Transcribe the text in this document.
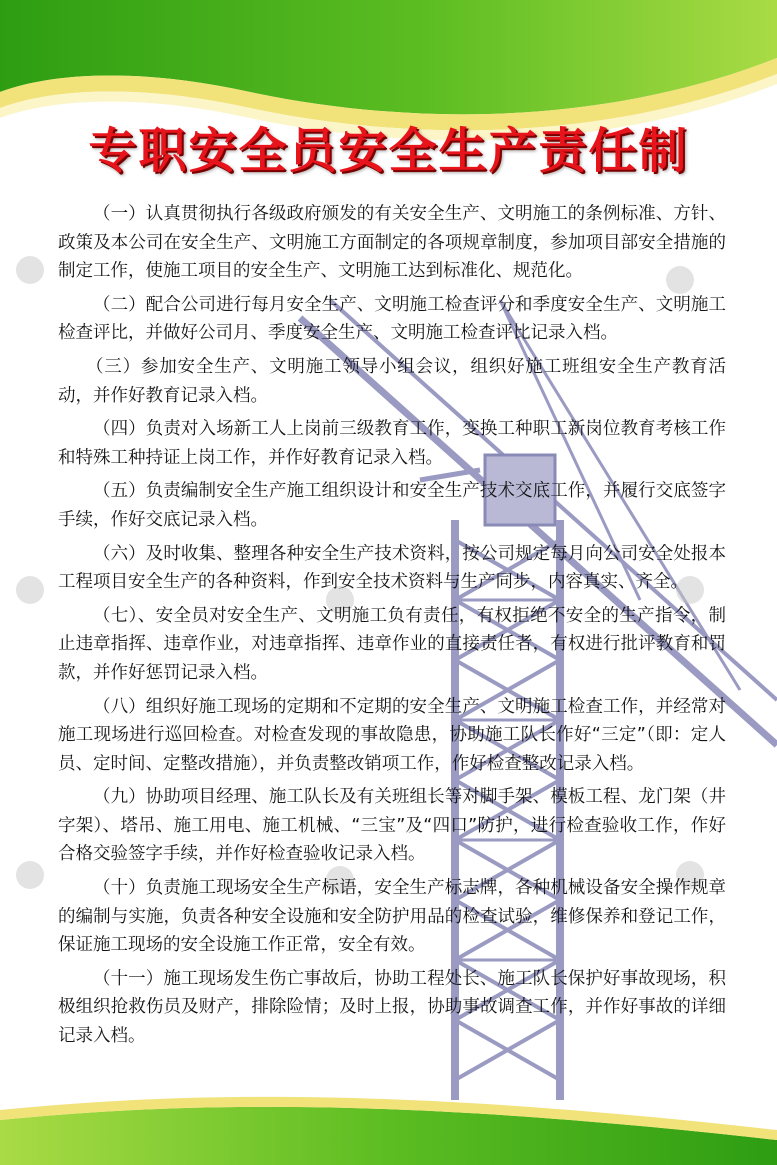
专职安全员安全生产责任制

（一）认真贯彻执行各级政府颁发的有关安全生产、文明施工的条例标准、方针、政策及本公司在安全生产、文明施工方面制定的各项规章制度，参加项目部安全措施的制定工作，使施工项目的安全生产、文明施工达到标准化、规范化。

（二）配合公司进行每月安全生产、文明施工检查评分和季度安全生产、文明施工检查评比，并做好公司月、季度安全生产、文明施工检查评比记录入档。

（三）参加安全生产、文明施工领导小组会议，组织好施工班组安全生产教育活动，并作好教育记录入档。

（四）负责对入场新工人上岗前三级教育工作，变换工种职工新岗位教育考核工作和特殊工种持证上岗工作，并作好教育记录入档。

（五）负责编制安全生产施工组织设计和安全生产技术交底工作，并履行交底签字手续，作好交底记录入档。

（六）及时收集、整理各种安全生产技术资料，按公司规定每月向公司安全处报本工程项目安全生产的各种资料，作到安全技术资料与生产同步，内容真实、齐全。

（七）、安全员对安全生产、文明施工负有责任，有权拒绝不安全的生产指令，制止违章指挥、违章作业，对违章指挥、违章作业的直接责任者，有权进行批评教育和罚款，并作好惩罚记录入档。

（八）组织好施工现场的定期和不定期的安全生产、文明施工检查工作，并经常对施工现场进行巡回检查。对检查发现的事故隐患，协助施工队长作好“三定”（即：定人员、定时间、定整改措施），并负责整改销项工作，作好检查整改记录入档。

（九）协助项目经理、施工队长及有关班组长等对脚手架、模板工程、龙门架（井字架）、塔吊、施工用电、施工机械、“三宝”及“四口”防护，进行检查验收工作，作好合格交验签字手续，并作好检查验收记录入档。

（十）负责施工现场安全生产标语，安全生产标志牌，各种机械设备安全操作规章的编制与实施，负责各种安全设施和安全防护用品的检查试验，维修保养和登记工作，保证施工现场的安全设施工作正常，安全有效。

（十一）施工现场发生伤亡事故后，协助工程处长、施工队长保护好事故现场，积极组织抢救伤员及财产，排除险情；及时上报，协助事故调查工作，并作好事故的详细记录入档。
